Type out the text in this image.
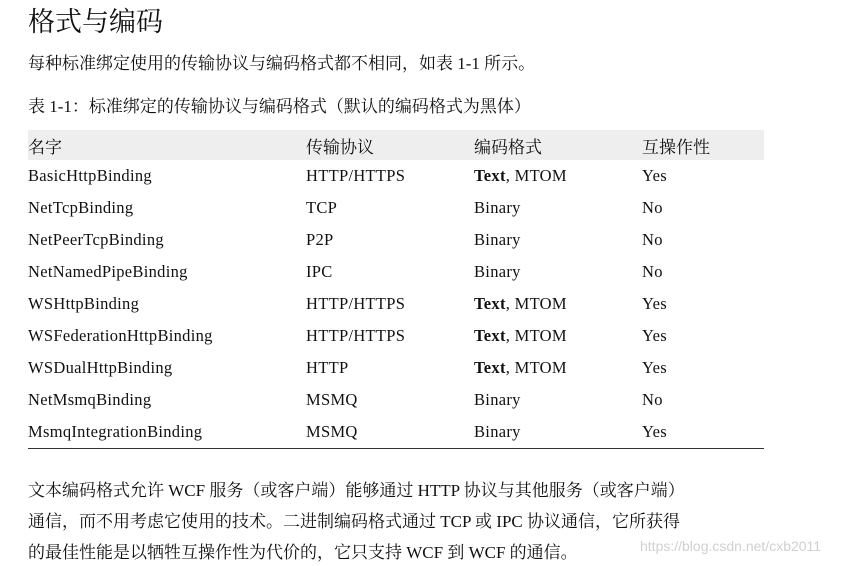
格式与编码
每种标准绑定使用的传输协议与编码格式都不相同，如表 1-1 所示。
表 1-1：标准绑定的传输协议与编码格式（默认的编码格式为黑体）
名字	传输协议	编码格式	互操作性
BasicHttpBinding	HTTP/HTTPS	Text, MTOM	Yes
NetTcpBinding	TCP	Binary	No
NetPeerTcpBinding	P2P	Binary	No
NetNamedPipeBinding	IPC	Binary	No
WSHttpBinding	HTTP/HTTPS	Text, MTOM	Yes
WSFederationHttpBinding	HTTP/HTTPS	Text, MTOM	Yes
WSDualHttpBinding	HTTP	Text, MTOM	Yes
NetMsmqBinding	MSMQ	Binary	No
MsmqIntegrationBinding	MSMQ	Binary	Yes
文本编码格式允许 WCF 服务（或客户端）能够通过 HTTP 协议与其他服务（或客户端）
通信，而不用考虑它使用的技术。二进制编码格式通过 TCP 或 IPC 协议通信，它所获得
的最佳性能是以牺牲互操作性为代价的，它只支持 WCF 到 WCF 的通信。	https://blog.csdn.net/cxb2011
